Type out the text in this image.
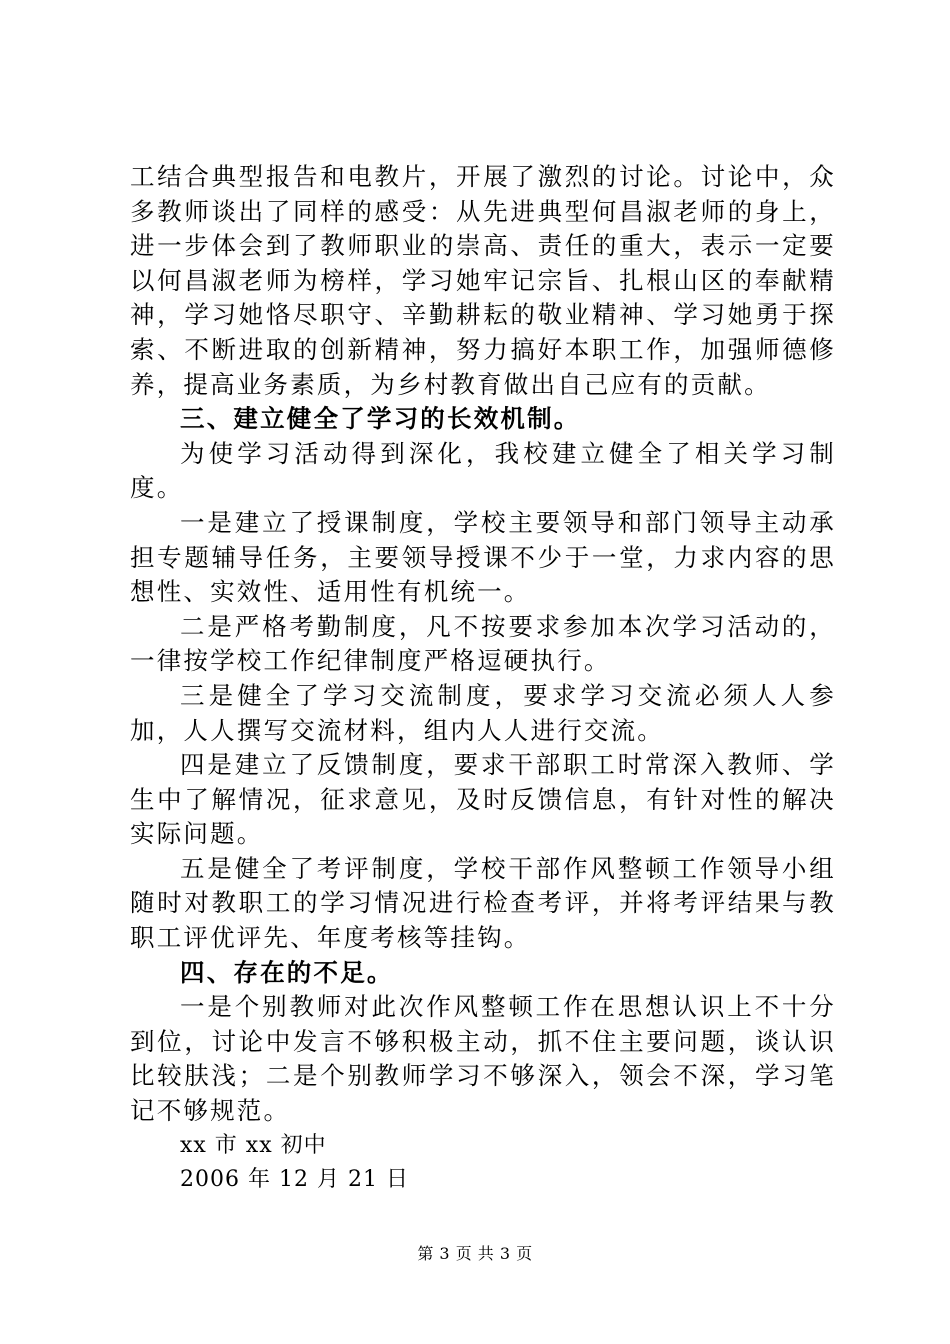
工结合典型报告和电教片，开展了激烈的讨论。讨论中，众多教师谈出了同样的感受：从先进典型何昌淑老师的身上，进一步体会到了教师职业的崇高、责任的重大，表示一定要以何昌淑老师为榜样，学习她牢记宗旨、扎根山区的奉献精神，学习她恪尽职守、辛勤耕耘的敬业精神、学习她勇于探索、不断进取的创新精神，努力搞好本职工作，加强师德修养，提高业务素质，为乡村教育做出自己应有的贡献。

三、建立健全了学习的长效机制。

为使学习活动得到深化，我校建立健全了相关学习制度。

一是建立了授课制度，学校主要领导和部门领导主动承担专题辅导任务，主要领导授课不少于一堂，力求内容的思想性、实效性、适用性有机统一。

二是严格考勤制度，凡不按要求参加本次学习活动的，一律按学校工作纪律制度严格逗硬执行。

三是健全了学习交流制度，要求学习交流必须人人参加，人人撰写交流材料，组内人人进行交流。

四是建立了反馈制度，要求干部职工时常深入教师、学生中了解情况，征求意见，及时反馈信息，有针对性的解决实际问题。

五是健全了考评制度，学校干部作风整顿工作领导小组随时对教职工的学习情况进行检查考评，并将考评结果与教职工评优评先、年度考核等挂钩。

四、存在的不足。

一是个别教师对此次作风整顿工作在思想认识上不十分到位，讨论中发言不够积极主动，抓不住主要问题，谈认识比较肤浅；二是个别教师学习不够深入，领会不深，学习笔记不够规范。

xx 市 xx 初中

2006 年 12 月 21 日

第 3 页 共 3 页
